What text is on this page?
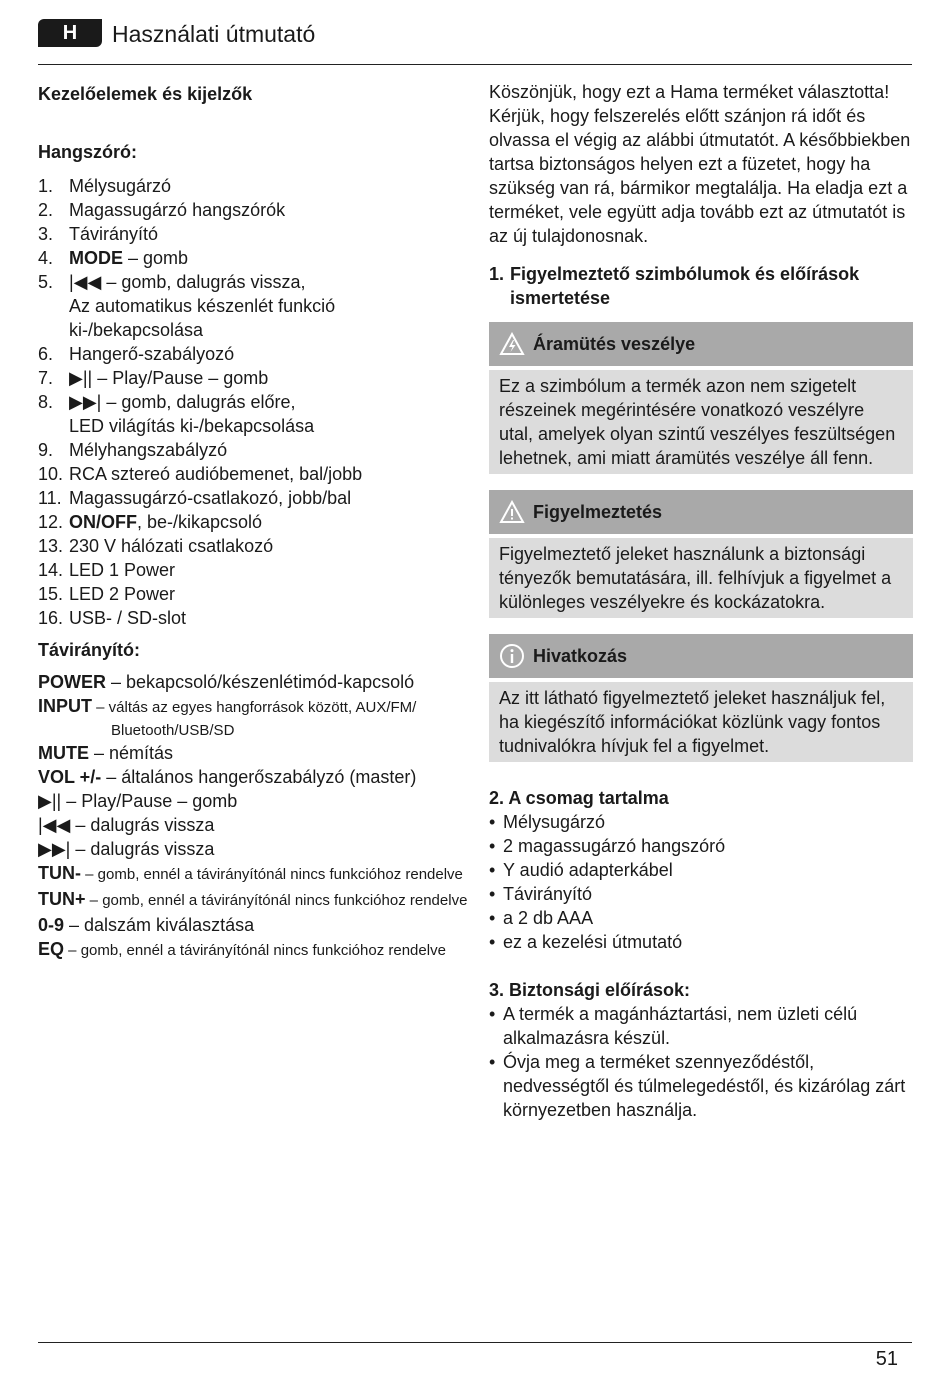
H	Használati útmutató
Kezelőelemek és kijelzők
Hangszóró:
1. Mélysugárzó
2. Magassugárzó hangszórók
3. Távirányító
4. MODE – gomb
5. |◀◀ – gomb, dalugrás vissza,
Az automatikus készenlét funkció ki-/bekapcsolása
6. Hangerő-szabályozó
7. ▶|| – Play/Pause – gomb
8. ▶▶| – gomb, dalugrás előre,
LED világítás ki-/bekapcsolása
9. Mélyhangszabályzó
10. RCA sztereó audióbemenet, bal/jobb
11. Magassugárzó-csatlakozó, jobb/bal
12. ON/OFF, be-/kikapcsoló
13. 230 V hálózati csatlakozó
14. LED 1 Power
15. LED 2 Power
16. USB- / SD-slot
Távirányító:
POWER – bekapcsoló/készenlétimód-kapcsoló
INPUT – váltás az egyes hangforrások között, AUX/FM/
Bluetooth/USB/SD
MUTE – némítás
VOL +/- – általános hangerőszabályzó (master)
▶|| – Play/Pause – gomb
|◀◀ – dalugrás vissza
▶▶| – dalugrás vissza
TUN- – gomb, ennél a távirányítónál nincs funkcióhoz rendelve
TUN+ – gomb, ennél a távirányítónál nincs funkcióhoz rendelve
0-9 – dalszám kiválasztása
EQ – gomb, ennél a távirányítónál nincs funkcióhoz rendelve

Köszönjük, hogy ezt a Hama terméket választotta! Kérjük, hogy felszerelés előtt szánjon rá időt és olvassa el végig az alábbi útmutatót. A későbbiekben tartsa biztonságos helyen ezt a füzetet, hogy ha szükség van rá, bármikor megtalálja. Ha eladja ezt a terméket, vele együtt adja tovább ezt az útmutatót is az új tulajdonosnak.

1. Figyelmeztető szimbólumok és előírások ismertetése
Áramütés veszélye
Ez a szimbólum a termék azon nem szigetelt részeinek megérintésére vonatkozó veszélyre utal, amelyek olyan szintű veszélyes feszültségen lehetnek, ami miatt áramütés veszélye áll fenn.
Figyelmeztetés
Figyelmeztető jeleket használunk a biztonsági tényezők bemutatására, ill. felhívjuk a figyelmet a különleges veszélyekre és kockázatokra.
Hivatkozás
Az itt látható figyelmeztető jeleket használjuk fel, ha kiegészítő információkat közlünk vagy fontos tudnivalókra hívjuk fel a figyelmet.
2. A csomag tartalma
• Mélysugárzó
• 2 magassugárzó hangszóró
• Y audió adapterkábel
• Távirányító
• a 2 db AAA
• ez a kezelési útmutató
3. Biztonsági előírások:
• A termék a magánháztartási, nem üzleti célú alkalmazásra készül.
• Óvja meg a terméket szennyeződéstől, nedvességtől és túlmelegedéstől, és kizárólag zárt környezetben használja.
51
